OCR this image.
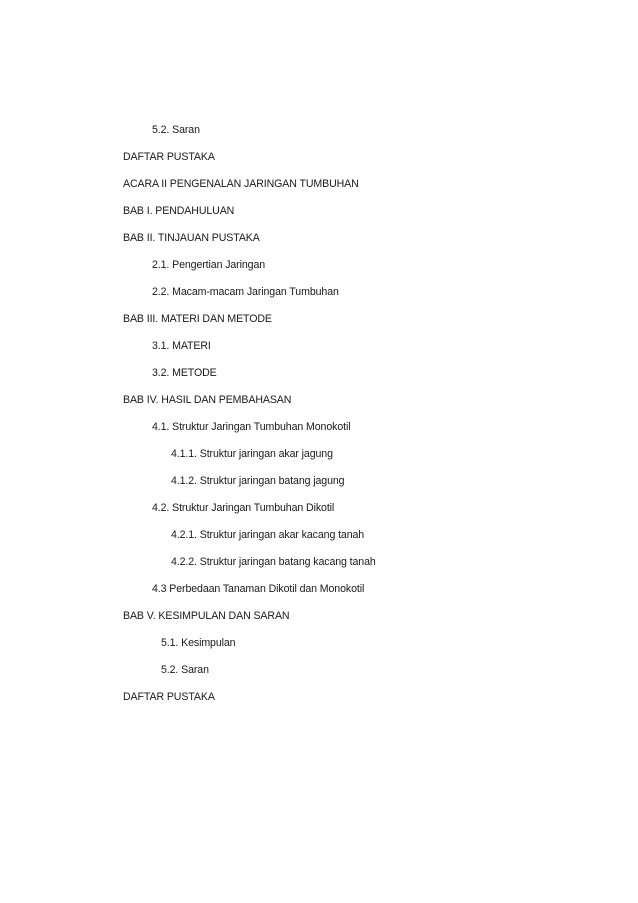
5.2. Saran
DAFTAR PUSTAKA
ACARA II PENGENALAN JARINGAN TUMBUHAN
BAB I. PENDAHULUAN
BAB II. TINJAUAN PUSTAKA
2.1. Pengertian Jaringan
2.2. Macam-macam Jaringan Tumbuhan
BAB III. MATERI DAN METODE
3.1. MATERI
3.2. METODE
BAB IV. HASIL DAN PEMBAHASAN
4.1. Struktur Jaringan Tumbuhan Monokotil
4.1.1. Struktur jaringan akar jagung
4.1.2. Struktur jaringan batang jagung
4.2. Struktur Jaringan Tumbuhan Dikotil
4.2.1. Struktur jaringan akar kacang tanah
4.2.2. Struktur jaringan batang kacang tanah
4.3 Perbedaan Tanaman Dikotil dan Monokotil
BAB V. KESIMPULAN DAN SARAN
5.1. Kesimpulan
5.2. Saran
DAFTAR PUSTAKA
